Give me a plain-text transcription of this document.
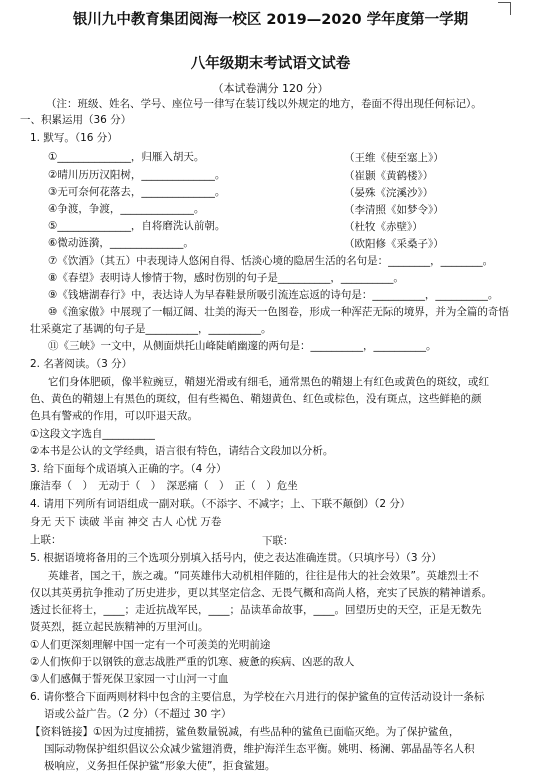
银川九中教育集团阅海一校区 2019—2020 学年度第一学期
八年级期末考试语文试卷
（本试卷满分 120 分）
（注：班级、姓名、学号、座位号一律写在装订线以外规定的地方，卷面不得出现任何标记）。
一、积累运用（36 分）
1. 默写。（16 分）
①______________，归雁入胡天。	（王维《使至塞上》）
②晴川历历汉阳树，______________。	（崔颢《黄鹤楼》）
③无可奈何花落去，______________。	（晏殊《浣溪沙》）
④争渡，争渡，______________。	（李清照《如梦令》）
⑤______________，自将磨洗认前朝。	（杜牧《赤壁》）
⑥微动涟漪，______________。	（欧阳修《采桑子》）
⑦《饮酒》（其五）中表现诗人悠闲自得、恬淡心境的隐居生活的名句是：________，________。
⑧《春望》表明诗人惨情于物，感时伤别的句子是__________，__________。
⑨《钱塘湖春行》中，表达诗人为早春鞋景所吸引流连忘返的诗句是：__________，__________。
⑩《渔家傲》中展现了一幅辽阔、壮美的海天一色图卷，形成一种浑茫无际的境界，并为全篇的奇悟
壮采奠定了基调的句子是__________，__________。
⑪《三峡》一文中，从侧面烘托山峰陡峭幽邃的两句是：__________，__________。
2. 名著阅读。（3 分）
它们身体肥硕，像半粒豌豆，鞘翅光滑或有细毛，通常黑色的鞘翅上有红色或黄色的斑纹，或红
色、黄色的鞘翅上有黑色的斑纹，但有些褐色、鞘翅黄色、红色或棕色，没有斑点，这些鲜艳的颜
色具有警戒的作用，可以吓退天敌。
①这段文字选自__________
②本书是公认的文学经典，语言很有特色，请结合文段加以分析。
3. 给下面每个成语填入正确的字。（4 分）
廉洁奉（　）　无动于（　）　深恶痛（　）　正（　）危坐
4. 请用下列所有词语组成一副对联。（不添字、不减字；上、下联不颠倒）（2 分）
身无 天下 读破 半亩 神交 古人 心忧 万卷
上联：	下联：
5. 根据语境将备用的三个选项分别填入括号内，使之表达准确连贯。（只填序号）（3 分）
英雄者，国之干，族之魂。“同英雄伟大动机相伴随的，往往是伟大的社会效果”。英雄烈士不
仅以其英勇抗争推动了历史进步，更以其坚定信念、无畏气概和高尚人格，充实了民族的精神谱系。
透过长征将士，____；走近抗战军民，____；品读革命故事，____。回望历史的天空，正是无数先
贤英烈，挺立起民族精神的万里河山。
①人们更深刻理解中国一定有一个可羡美的光明前途
②人们恢仰于以钢铁的意志战胜严重的饥寒、疲惫的疾病、凶恶的敌人
③人们感佩于誓死保卫家园一寸山河一寸血
6. 请你整合下面两则材料中包含的主要信息，为学校在六月进行的保护鲨鱼的宣传活动设计一条标
语或公益广告。（2 分）（不超过 30 字）
【资料链接】①因为过度捕捞，鲨鱼数量锐减，有些品种的鲨鱼已面临灭绝。为了保护鲨鱼，
国际动物保护组织倡议公众减少鲨翅消费，维护海洋生态平衡。姚明、杨澜、郭晶晶等名人积
极响应，义务担任保护鲨“形象大使”，拒食鲨翅。
